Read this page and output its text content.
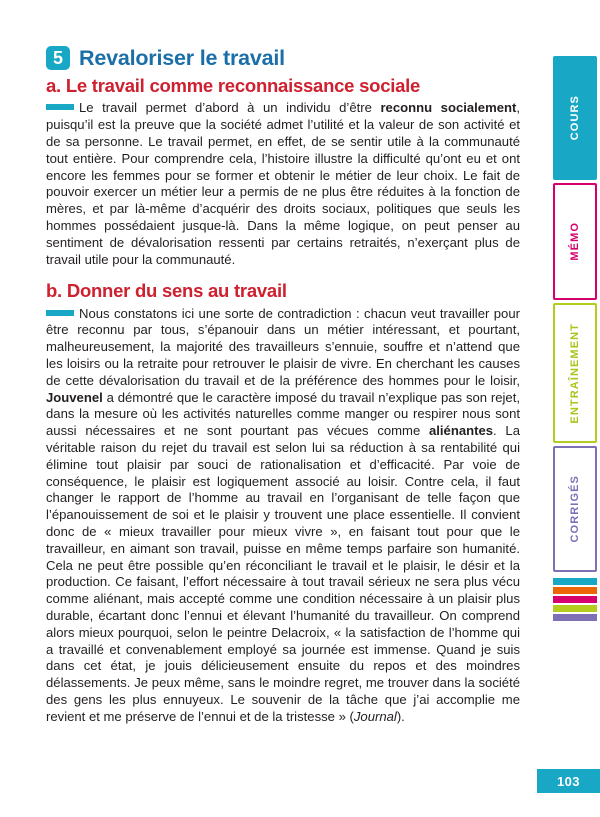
5 Revaloriser le travail
a. Le travail comme reconnaissance sociale

Le travail permet d’abord à un individu d’être reconnu socialement, puisqu’il est la preuve que la société admet l’utilité et la valeur de son activité et de sa personne. Le travail permet, en effet, de se sentir utile à la communauté tout entière. Pour comprendre cela, l’histoire illustre la difficulté qu’ont eu et ont encore les femmes pour se former et obtenir le métier de leur choix. Le fait de pouvoir exercer un métier leur a permis de ne plus être réduites à la fonction de mères, et par là-même d’acquérir des droits sociaux, politiques que seuls les hommes possédaient jusque-là. Dans la même logique, on peut penser au sentiment de dévalorisation ressenti par certains retraités, n’exerçant plus de travail utile pour la communauté.

b. Donner du sens au travail

Nous constatons ici une sorte de contradiction : chacun veut travailler pour être reconnu par tous, s’épanouir dans un métier intéressant, et pourtant, malheureusement, la majorité des travailleurs s’ennuie, souffre et n’attend que les loisirs ou la retraite pour retrouver le plaisir de vivre. En cherchant les causes de cette dévalorisation du travail et de la préférence des hommes pour le loisir, Jouvenel a démontré que le caractère imposé du travail n’explique pas son rejet, dans la mesure où les activités naturelles comme manger ou respirer nous sont aussi nécessaires et ne sont pourtant pas vécues comme aliénantes. La véritable raison du rejet du travail est selon lui sa réduction à sa rentabilité qui élimine tout plaisir par souci de rationalisation et d’efficacité. Par voie de conséquence, le plaisir est logiquement associé au loisir. Contre cela, il faut changer le rapport de l’homme au travail en l’organisant de telle façon que l’épanouissement de soi et le plaisir y trouvent une place essentielle. Il convient donc de « mieux travailler pour mieux vivre », en faisant tout pour que le travailleur, en aimant son travail, puisse en même temps parfaire son humanité. Cela ne peut être possible qu’en réconciliant le travail et le plaisir, le désir et la production. Ce faisant, l’effort nécessaire à tout travail sérieux ne sera plus vécu comme aliénant, mais accepté comme une condition nécessaire à un plaisir plus durable, écartant donc l’ennui et élevant l’humanité du travailleur. On comprend alors mieux pourquoi, selon le peintre Delacroix, « la satisfaction de l’homme qui a travaillé et convenablement employé sa journée est immense. Quand je suis dans cet état, je jouis délicieusement ensuite du repos et des moindres délassements. Je peux même, sans le moindre regret, me trouver dans la société des gens les plus ennuyeux. Le souvenir de la tâche que j’ai accomplie me revient et me préserve de l’ennui et de la tristesse » (Journal).

COURS
MÉMO
ENTRAÎNEMENT
CORRIGÉS
103
